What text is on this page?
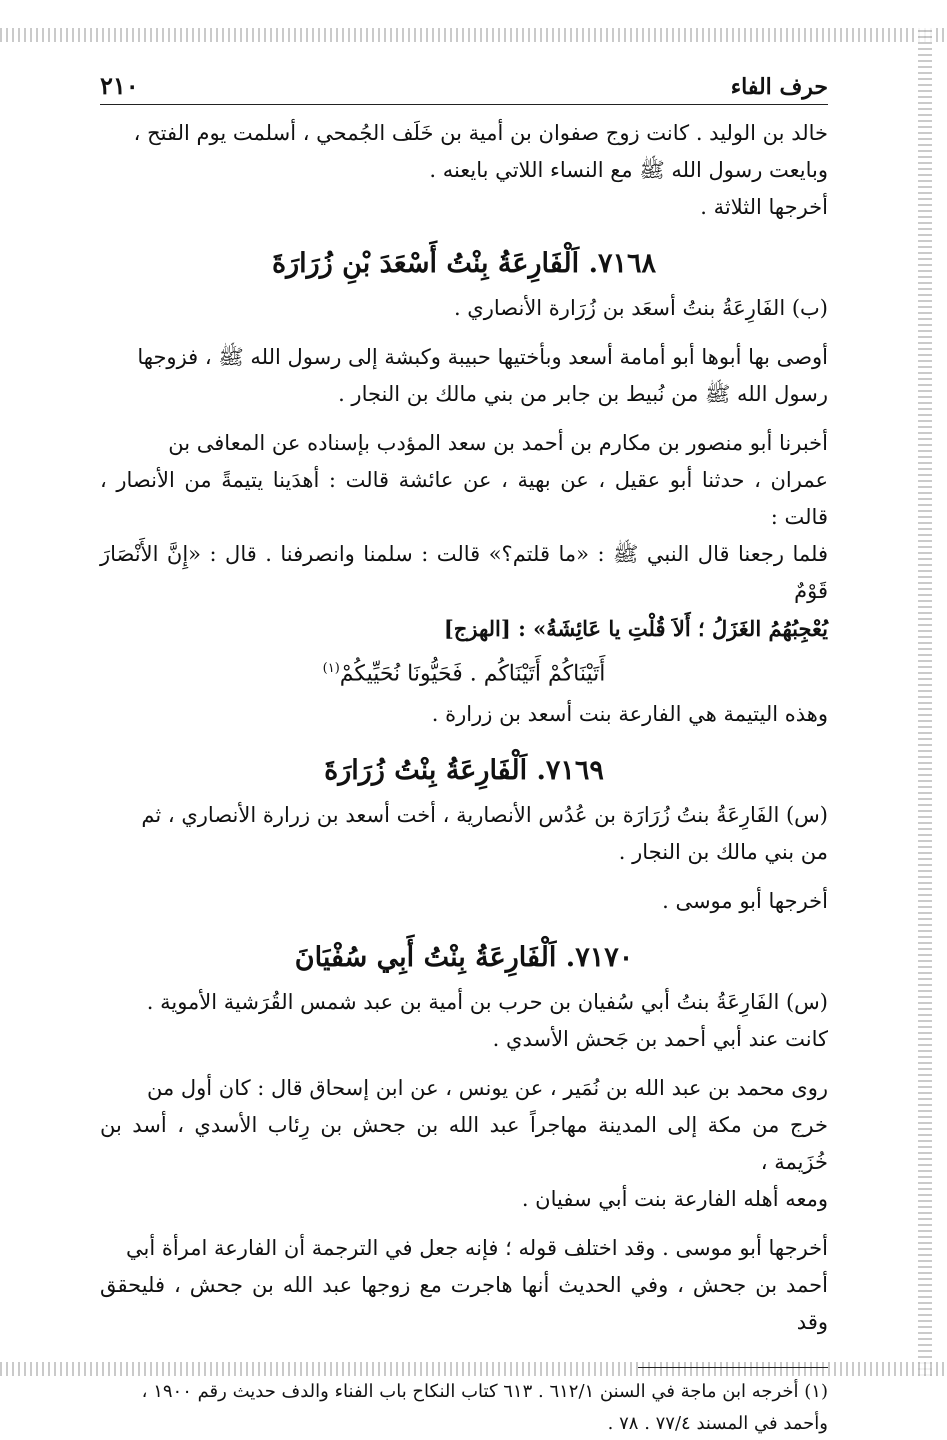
حرف الفاء
٢١٠

خالد بن الوليد . كانت زوج صفوان بن أمية بن خَلَف الجُمحي ، أسلمت يوم الفتح ،

وبايعت رسول الله ﷺ مع النساء اللاتي بايعنه .

أخرجها الثلاثة .

٧١٦٨. اَلْفَارِعَةُ بِنْتُ أَسْعَدَ بْنِ زُرَارَةَ

(ب) الفَارِعَةُ بنتُ أسعَد بن زُرَارة الأنصاري .

أوصى بها أبوها أبو أمامة أسعد وبأختيها حبيبة وكبشة إلى رسول الله ﷺ ، فزوجها

رسول الله ﷺ من نُبيط بن جابر من بني مالك بن النجار .

أخبرنا أبو منصور بن مكارم بن أحمد بن سعد المؤدب بإسناده عن المعافى بن

عمران ، حدثنا أبو عقيل ، عن بهية ، عن عائشة قالت : أهدَينا يتيمةً من الأنصار ، قالت :

فلما رجعنا قال النبي ﷺ : «ما قلتم؟» قالت : سلمنا وانصرفنا . قال : «إِنَّ الأَنْصَارَ قَوْمٌ

يُعْجِبُهُمُ الغَزَلُ ؛ أَلاَ قُلْتِ يا عَائِشَةُ» : [الهزج]

أَتَيْنَاكُمْ أَتَيْنَاكُم . فَحَيُّونَا نُحَيِّيكُمْ$^{(١)}$

وهذه اليتيمة هي الفارعة بنت أسعد بن زرارة .

٧١٦٩. اَلْفَارِعَةُ بِنْتُ زُرَارَةَ

(س) الفَارِعَةُ بنتُ زُرَارَة بن عُدُس الأنصارية ، أخت أسعد بن زرارة الأنصاري ، ثم

من بني مالك بن النجار .

أخرجها أبو موسى .

٧١٧٠. اَلْفَارِعَةُ بِنْتُ أَبِي سُفْيَانَ

(س) الفَارِعَةُ بنتُ أبي سُفيان بن حرب بن أمية بن عبد شمس القُرَشية الأموية .

كانت عند أبي أحمد بن جَحش الأسدي .

روى محمد بن عبد الله بن نُمَير ، عن يونس ، عن ابن إسحاق قال : كان أول من

خرج من مكة إلى المدينة مهاجراً عبد الله بن جحش بن رِئاب الأسدي ، أسد بن خُزَيمة ،

ومعه أهله الفارعة بنت أبي سفيان .

أخرجها أبو موسى . وقد اختلف قوله ؛ فإنه جعل في الترجمة أن الفارعة امرأة أبي

أحمد بن جحش ، وفي الحديث أنها هاجرت مع زوجها عبد الله بن جحش ، فليحقق وقد

(١) أخرجه ابن ماجة في السنن ٦١٢/١ . ٦١٣ كتاب النكاح باب الفناء والدف حديث رقم ١٩٠٠ ،

وأحمد في المسند ٧٧/٤ . ٧٨ .
